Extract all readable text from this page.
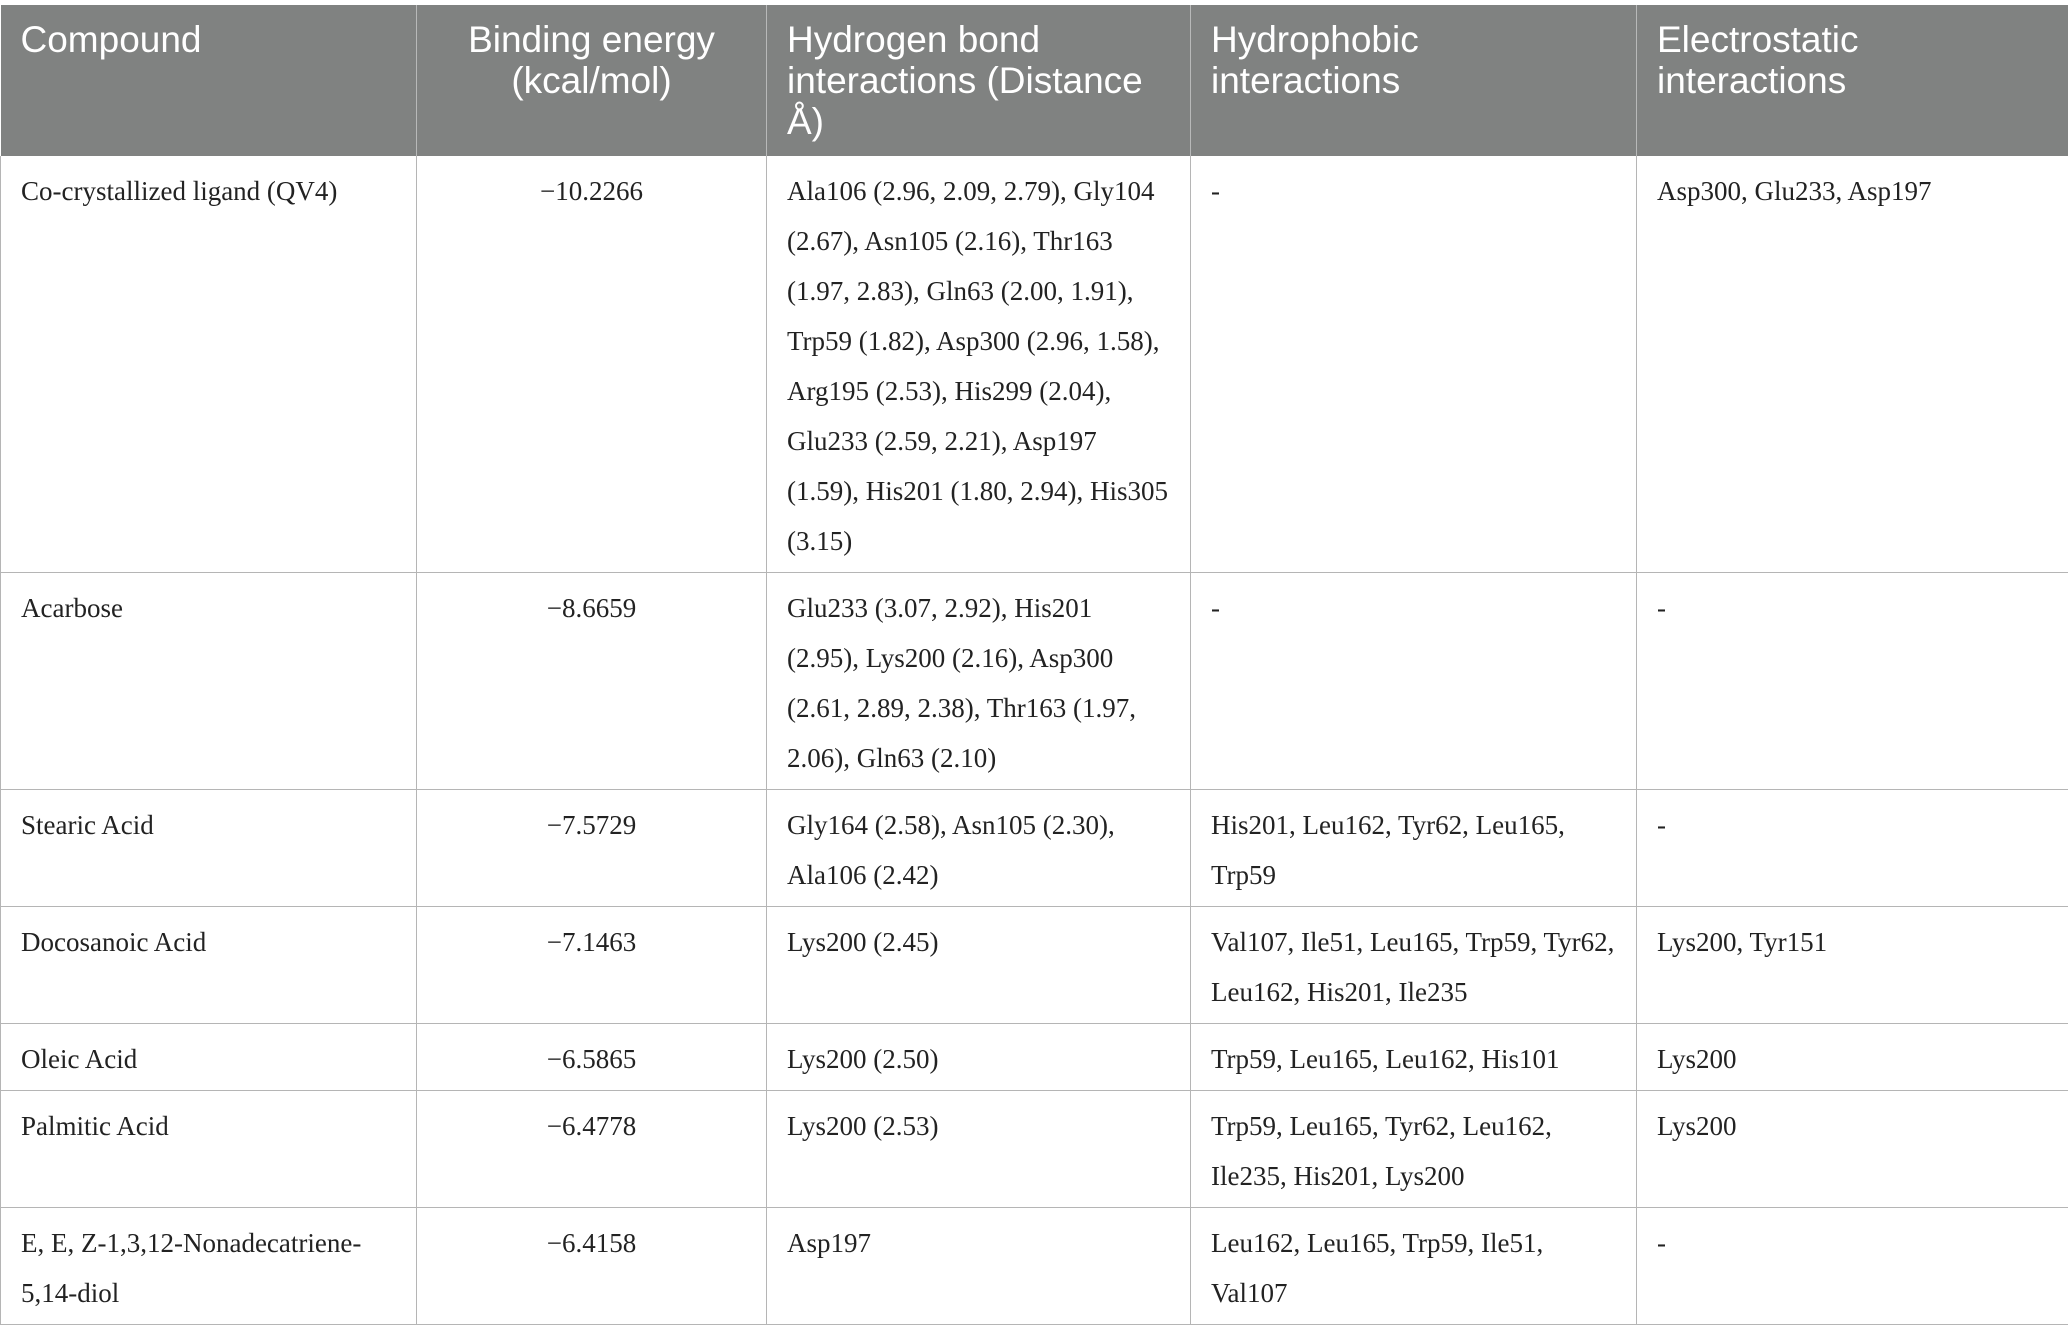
Compound	Binding energy (kcal/mol)	Hydrogen bond interactions (Distance Å)	Hydrophobic interactions	Electrostatic interactions
Co-crystallized ligand (QV4)	−10.2266	Ala106 (2.96, 2.09, 2.79), Gly104 (2.67), Asn105 (2.16), Thr163 (1.97, 2.83), Gln63 (2.00, 1.91), Trp59 (1.82), Asp300 (2.96, 1.58), Arg195 (2.53), His299 (2.04), Glu233 (2.59, 2.21), Asp197 (1.59), His201 (1.80, 2.94), His305 (3.15)	-	Asp300, Glu233, Asp197
Acarbose	−8.6659	Glu233 (3.07, 2.92), His201 (2.95), Lys200 (2.16), Asp300 (2.61, 2.89, 2.38), Thr163 (1.97, 2.06), Gln63 (2.10)	-	-
Stearic Acid	−7.5729	Gly164 (2.58), Asn105 (2.30), Ala106 (2.42)	His201, Leu162, Tyr62, Leu165, Trp59	-
Docosanoic Acid	−7.1463	Lys200 (2.45)	Val107, Ile51, Leu165, Trp59, Tyr62, Leu162, His201, Ile235	Lys200, Tyr151
Oleic Acid	−6.5865	Lys200 (2.50)	Trp59, Leu165, Leu162, His101	Lys200
Palmitic Acid	−6.4778	Lys200 (2.53)	Trp59, Leu165, Tyr62, Leu162, Ile235, His201, Lys200	Lys200
E, E, Z-1,3,12-Nonadecatriene-5,14-diol	−6.4158	Asp197	Leu162, Leu165, Trp59, Ile51, Val107	-
